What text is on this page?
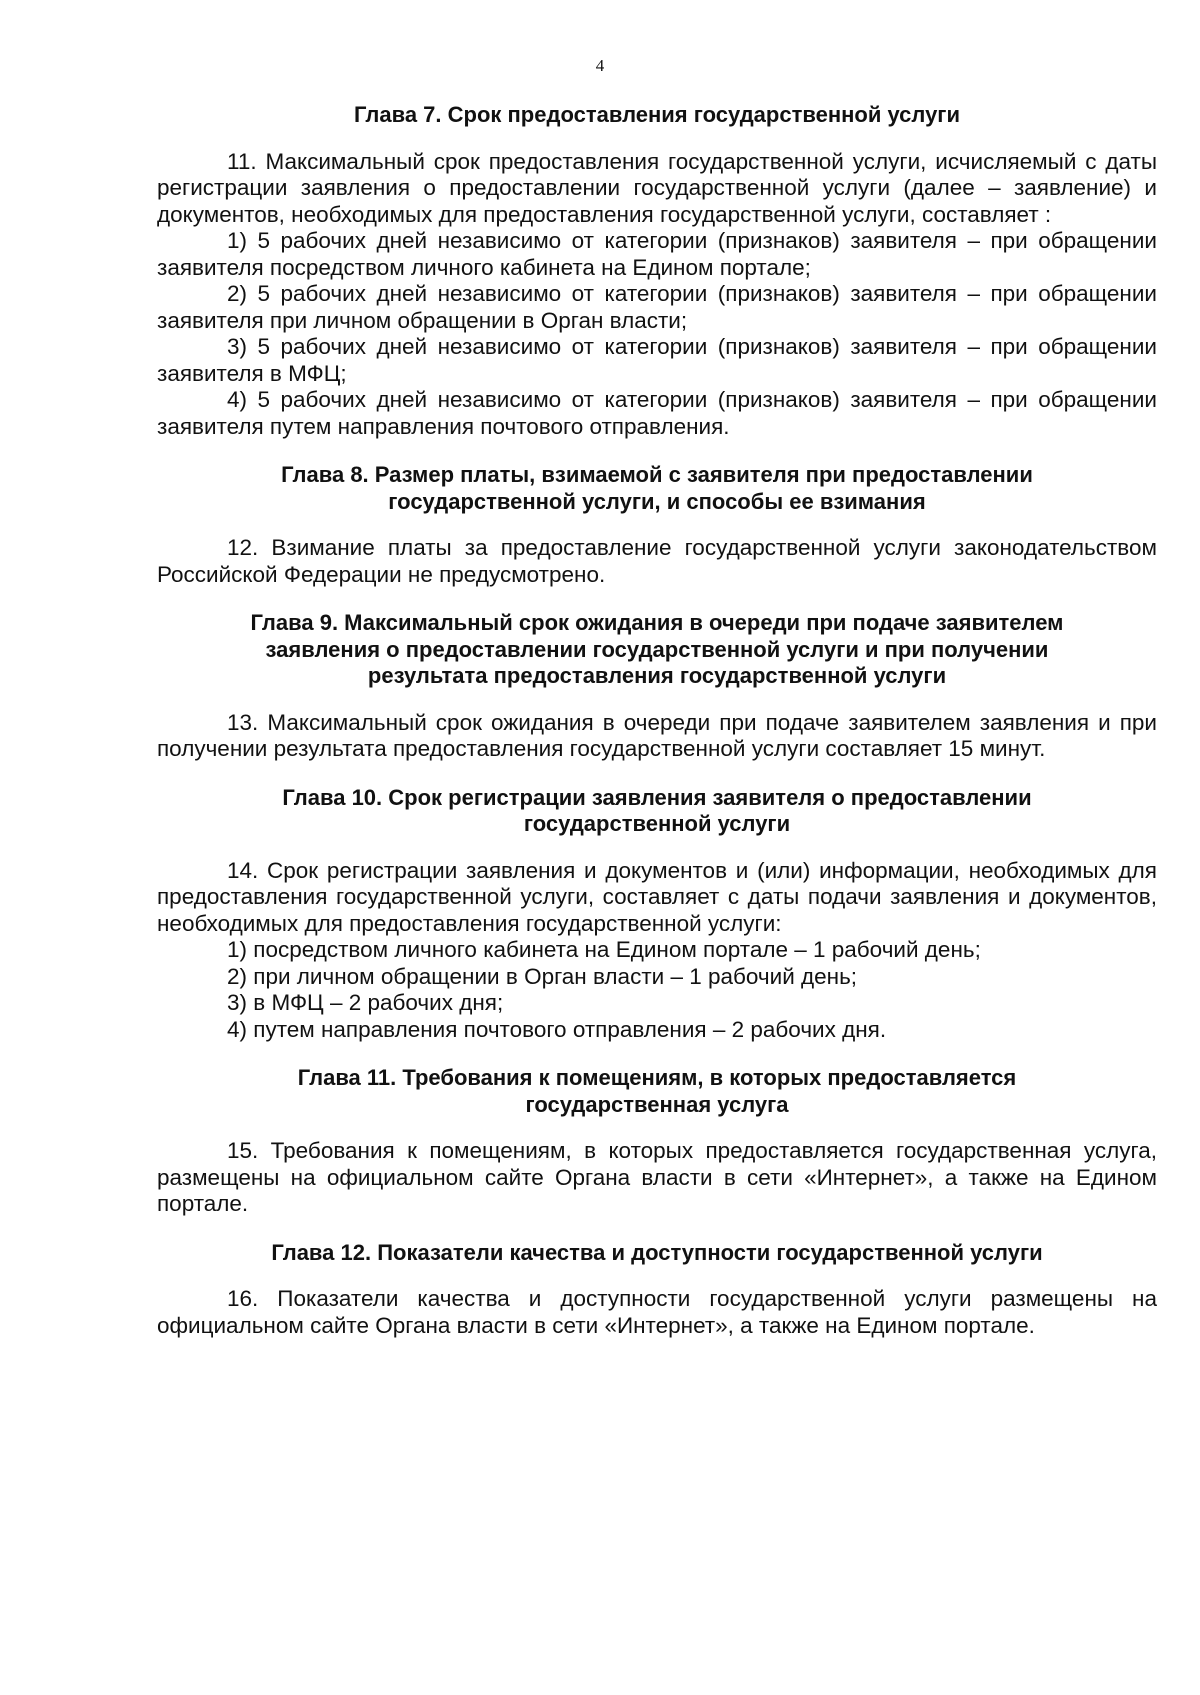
4
Глава 7. Срок предоставления государственной услуги

11. Максимальный срок предоставления государственной услуги, исчисляемый с даты регистрации заявления о предоставлении государственной услуги (далее – заявление) и документов, необходимых для предоставления государственной услуги, составляет :

1) 5 рабочих дней независимо от категории (признаков) заявителя – при обращении заявителя посредством личного кабинета на Едином портале;

2) 5 рабочих дней независимо от категории (признаков) заявителя – при обращении заявителя при личном обращении в Орган власти;

3) 5 рабочих дней независимо от категории (признаков) заявителя – при обращении заявителя в МФЦ;

4) 5 рабочих дней независимо от категории (признаков) заявителя – при обращении заявителя путем направления почтового отправления.

Глава 8. Размер платы, взимаемой с заявителя при предоставлении
государственной услуги, и способы ее взимания

12. Взимание платы за предоставление государственной услуги законодательством Российской Федерации не предусмотрено.

Глава 9. Максимальный срок ожидания в очереди при подаче заявителем
заявления о предоставлении государственной услуги и при получении
результата предоставления государственной услуги

13. Максимальный срок ожидания в очереди при подаче заявителем заявления и при получении результата предоставления государственной услуги составляет 15 минут.

Глава 10. Срок регистрации заявления заявителя о предоставлении
государственной услуги

14. Срок регистрации заявления и документов и (или) информации, необходимых для предоставления государственной услуги, составляет с даты подачи заявления и документов, необходимых для предоставления государственной услуги:

1) посредством личного кабинета на Едином портале – 1 рабочий день;

2) при личном обращении в Орган власти – 1 рабочий день;

3) в МФЦ – 2 рабочих дня;

4) путем направления почтового отправления – 2 рабочих дня.

Глава 11. Требования к помещениям, в которых предоставляется
государственная услуга

15. Требования к помещениям, в которых предоставляется государственная услуга, размещены на официальном сайте Органа власти в сети «Интернет», а также на Едином портале.

Глава 12. Показатели качества и доступности государственной услуги

16. Показатели качества и доступности государственной услуги размещены на официальном сайте Органа власти в сети «Интернет», а также на Едином портале.
